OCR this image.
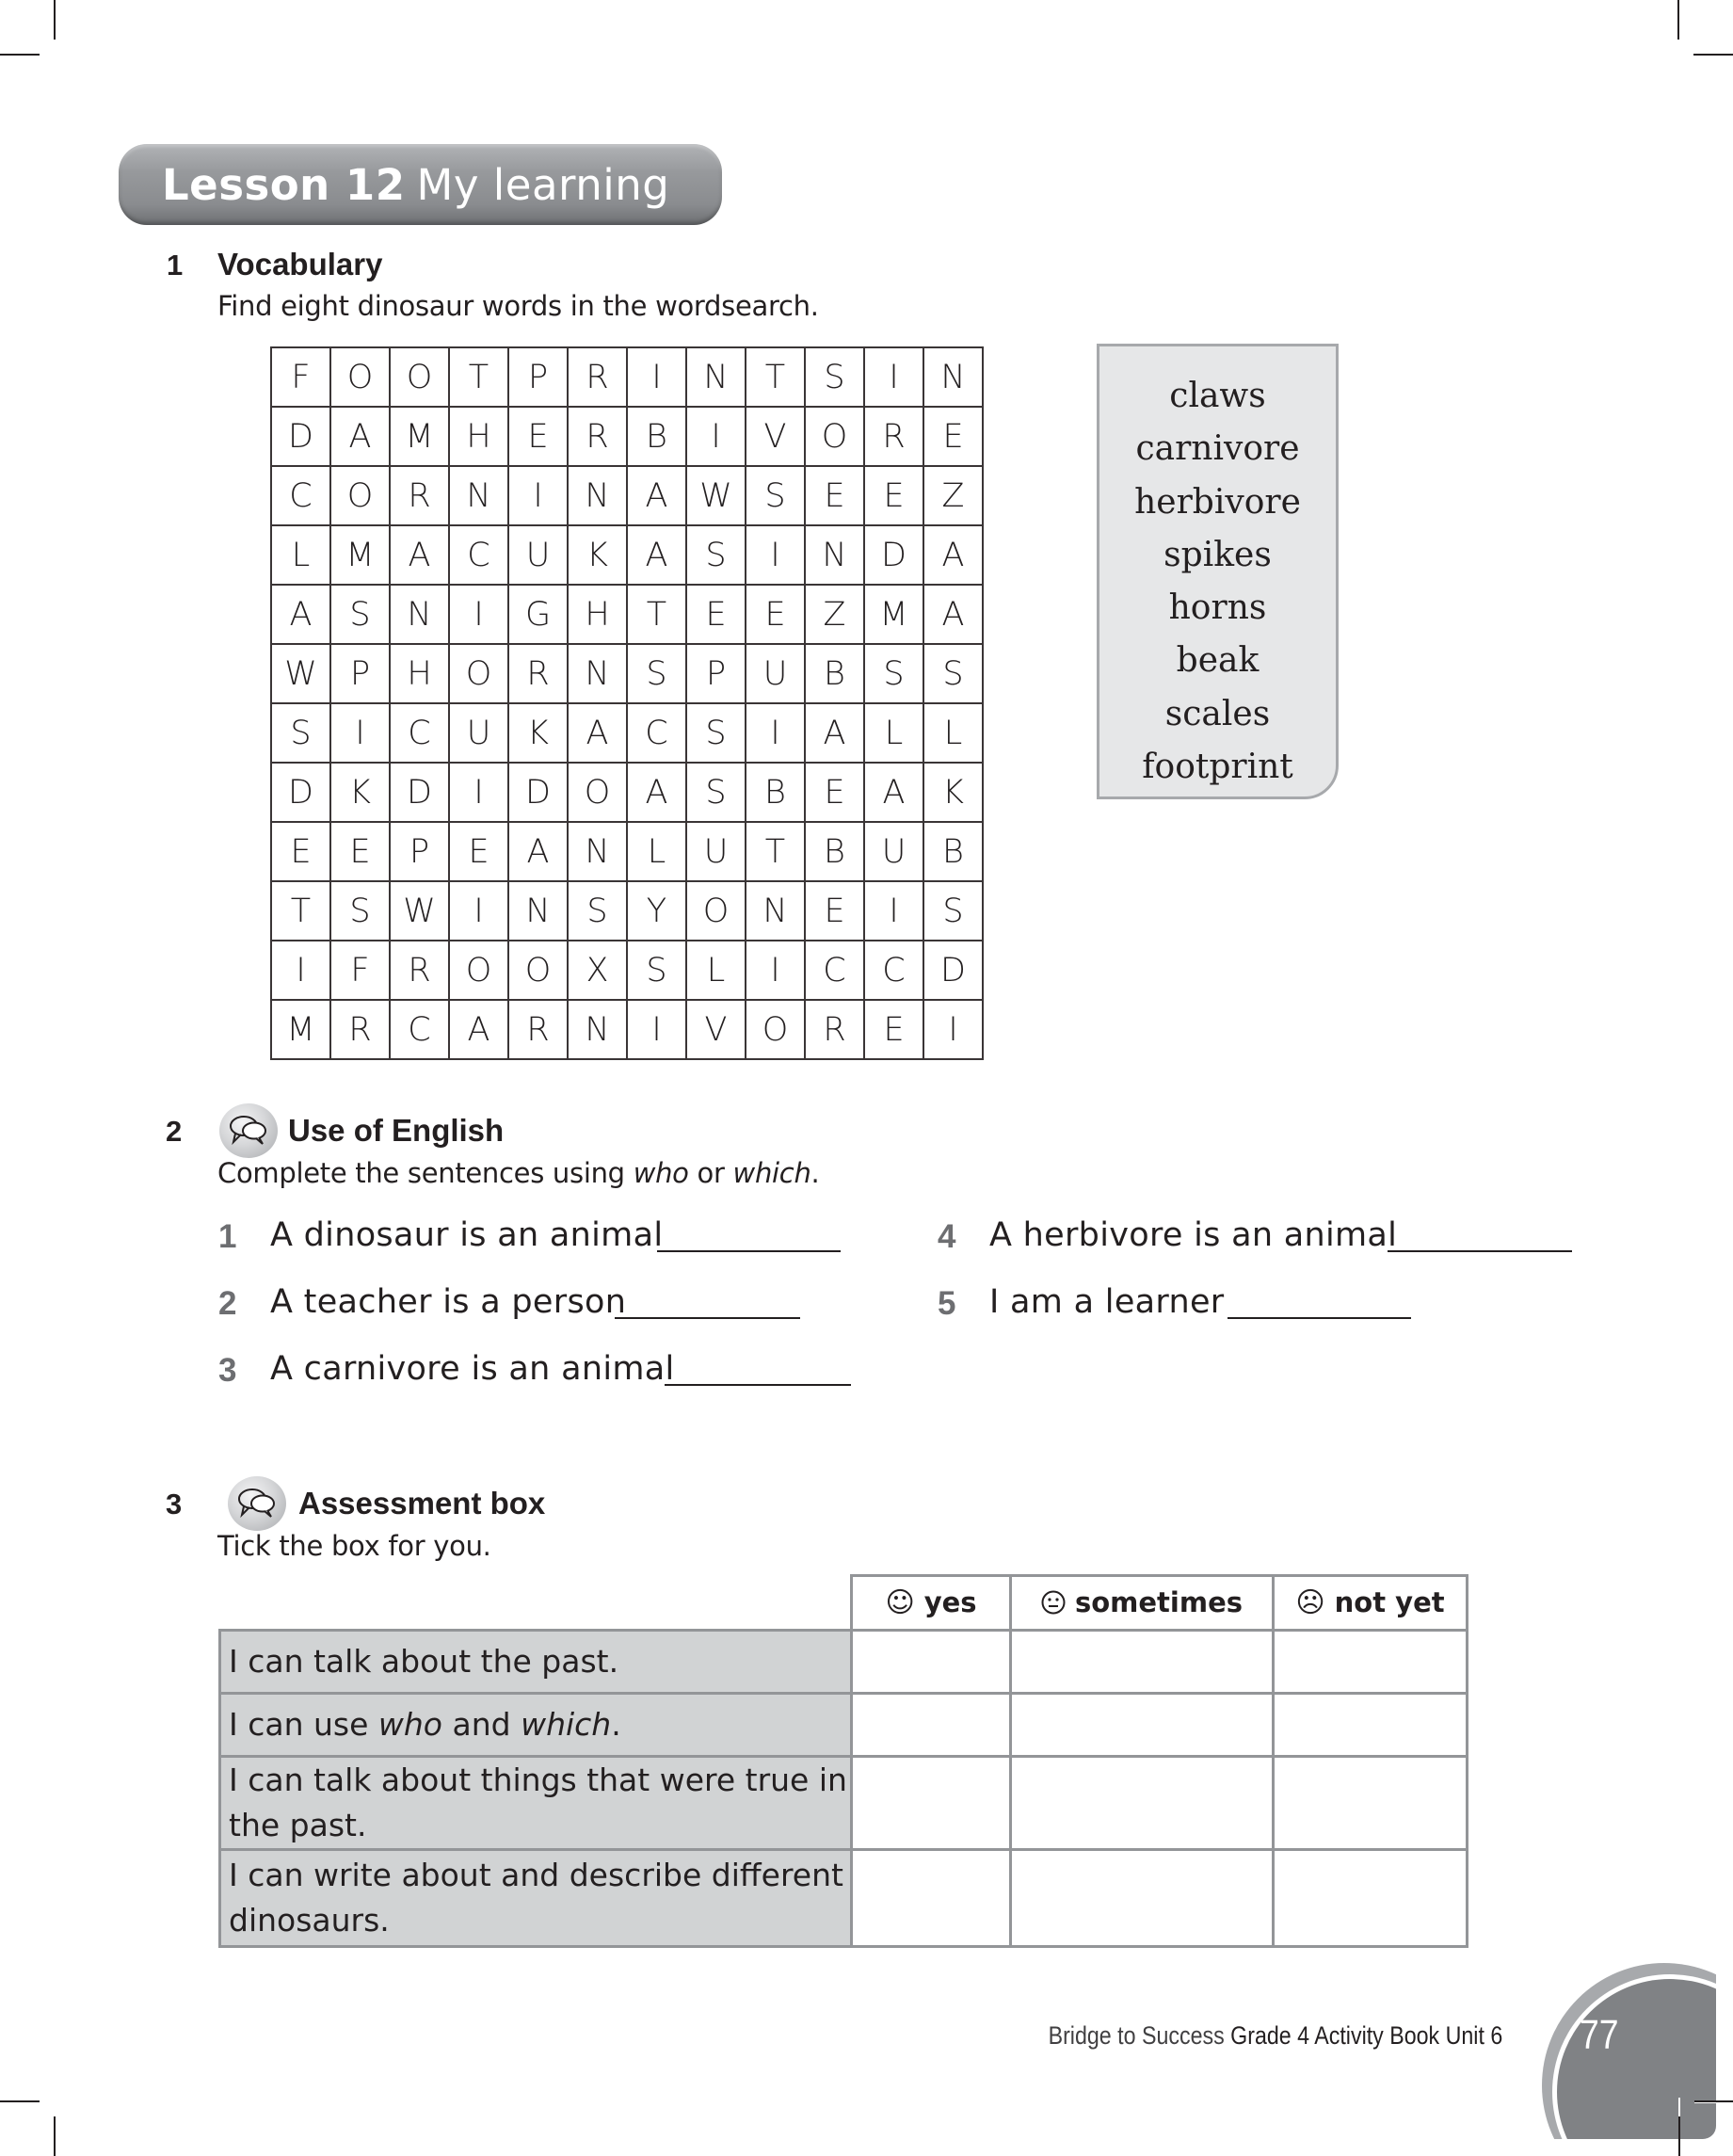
Lesson 12 My learning
1 Vocabulary
Find eight dinosaur words in the wordsearch.
F	O	O	T	P	R	I	N	T	S	I	N
D	A	M H	E	R	B	I	V	O	R	E
C	O	R	N	I	N	A W S	E	E	Z
L	M	A	C	U	K	A	S	I	N	D	A
A	S	N	I	G	H	T	E	E	Z	M	A
W	P	H	O	R	N	S	P	U	B	S	S
S	I	C	U	K	A	C	S	I	A	L	L
D	K	D	I	D	O	A	S	B	E	A	K
E	E	P	E	A	N	L	U	T	B	U	B
T	S W	I	N	S	Y	O	N	E	I	S
I	F	R	O	O	X	S	L	I	C	C	D
M	R	C	A	R	N	I	V	O	R	E	I
claws
carnivore
herbivore
spikes
horns
beak
scales
footprint
2	Use of English
Complete the sentences using who or which.
1 A dinosaur is an animal
2 A teacher is a person
3 A carnivore is an animal
4 A herbivore is an animal
5 I am a learner
3	Assessment box
Tick the box for you.
	☺ yes	sometimes	☹ not yet
I can talk about the past.			
I can use who and which.			
I can talk about things that were true in the past.			
I can write about and describe different dinosaurs.			
Bridge to Success Grade 4 Activity Book Unit 6 77
